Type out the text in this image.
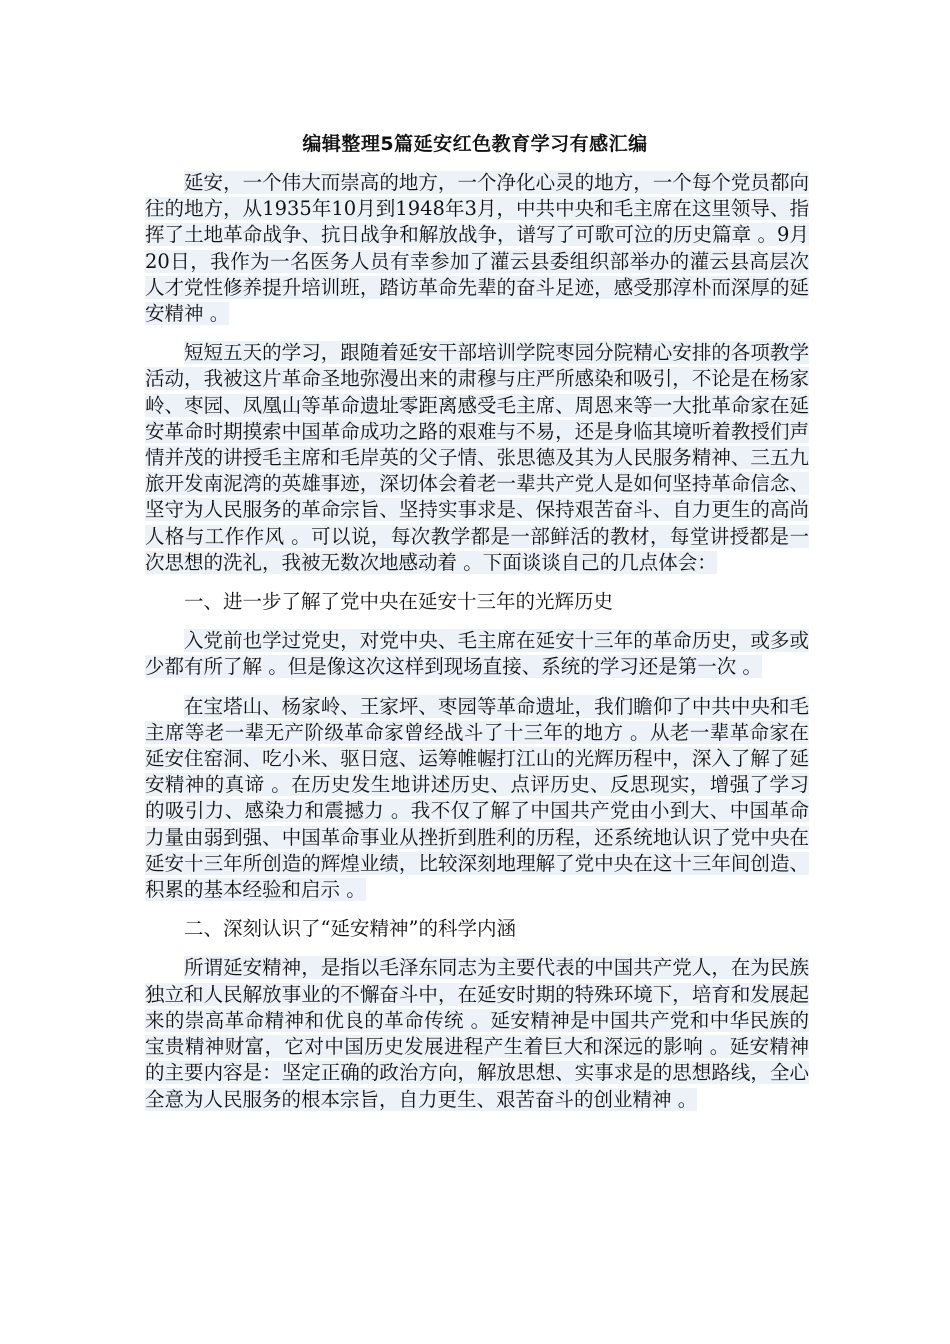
编辑整理5篇延安红色教育学习有感汇编

延安，一个伟大而崇高的地方，一个净化心灵的地方，一个每个党员都向往的地方，从1935年10月到1948年3月，中共中央和毛主席在这里领导、指挥了土地革命战争、抗日战争和解放战争，谱写了可歌可泣的历史篇章 。9月20日，我作为一名医务人员有幸参加了灌云县委组织部举办的灌云县高层次人才党性修养提升培训班，踏访革命先辈的奋斗足迹，感受那淳朴而深厚的延安精神 。

短短五天的学习，跟随着延安干部培训学院枣园分院精心安排的各项教学活动，我被这片革命圣地弥漫出来的肃穆与庄严所感染和吸引，不论是在杨家岭、枣园、凤凰山等革命遗址零距离感受毛主席、周恩来等一大批革命家在延安革命时期摸索中国革命成功之路的艰难与不易，还是身临其境听着教授们声情并茂的讲授毛主席和毛岸英的父子情、张思德及其为人民服务精神、三五九旅开发南泥湾的英雄事迹，深切体会着老一辈共产党人是如何坚持革命信念、坚守为人民服务的革命宗旨、坚持实事求是、保持艰苦奋斗、自力更生的高尚人格与工作作风 。可以说，每次教学都是一部鲜活的教材，每堂讲授都是一次思想的洗礼，我被无数次地感动着 。下面谈谈自己的几点体会：

一、进一步了解了党中央在延安十三年的光辉历史

入党前也学过党史，对党中央、毛主席在延安十三年的革命历史，或多或少都有所了解 。但是像这次这样到现场直接、系统的学习还是第一次 。

在宝塔山、杨家岭、王家坪、枣园等革命遗址，我们瞻仰了中共中央和毛主席等老一辈无产阶级革命家曾经战斗了十三年的地方 。从老一辈革命家在延安住窑洞、吃小米、驱日寇、运筹帷幄打江山的光辉历程中，深入了解了延安精神的真谛 。在历史发生地讲述历史、点评历史、反思现实，增强了学习的吸引力、感染力和震撼力 。我不仅了解了中国共产党由小到大、中国革命力量由弱到强、中国革命事业从挫折到胜利的历程，还系统地认识了党中央在延安十三年所创造的辉煌业绩，比较深刻地理解了党中央在这十三年间创造、积累的基本经验和启示 。

二、深刻认识了“延安精神”的科学内涵

所谓延安精神，是指以毛泽东同志为主要代表的中国共产党人，在为民族独立和人民解放事业的不懈奋斗中，在延安时期的特殊环境下，培育和发展起来的崇高革命精神和优良的革命传统 。延安精神是中国共产党和中华民族的宝贵精神财富，它对中国历史发展进程产生着巨大和深远的影响 。延安精神的主要内容是：坚定正确的政治方向，解放思想、实事求是的思想路线，全心全意为人民服务的根本宗旨，自力更生、艰苦奋斗的创业精神 。
